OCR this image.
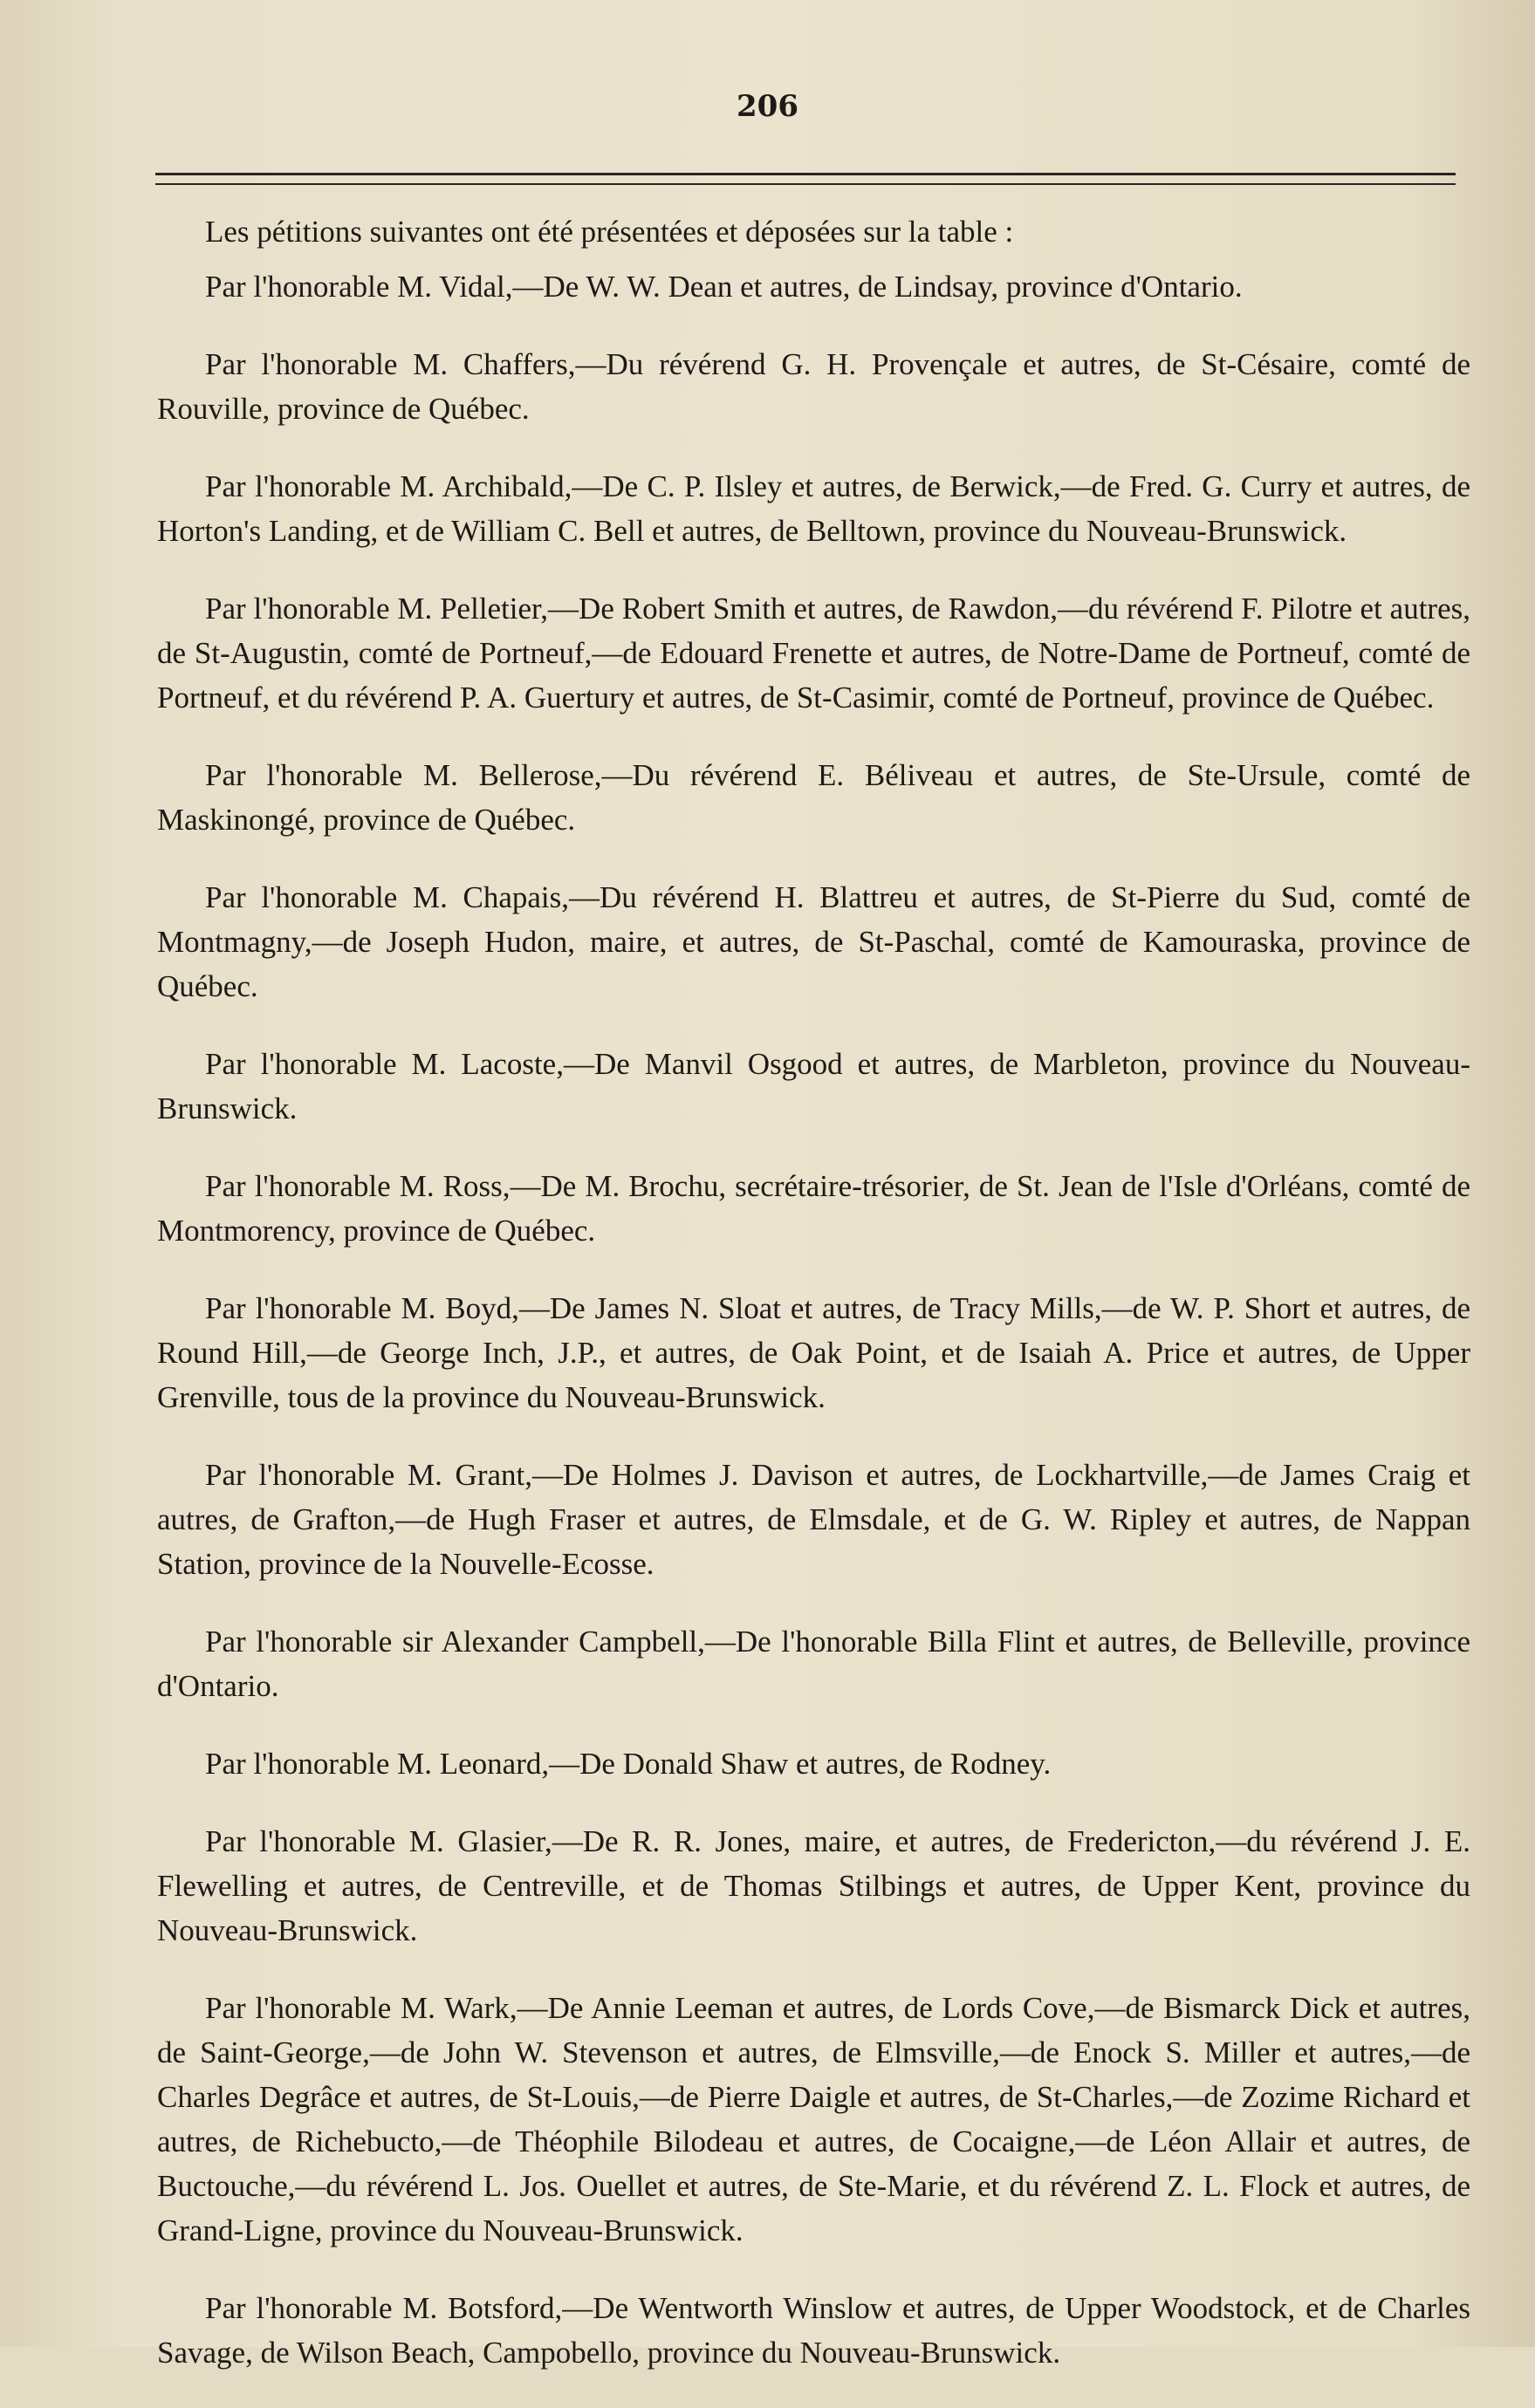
206

Les pétitions suivantes ont été présentées et déposées sur la table :

Par l'honorable M. Vidal,—De W. W. Dean et autres, de Lindsay, province d'Ontario.

Par l'honorable M. Chaffers,—Du révérend G. H. Provençale et autres, de St-Césaire, comté de Rouville, province de Québec.

Par l'honorable M. Archibald,—De C. P. Ilsley et autres, de Berwick,—de Fred. G. Curry et autres, de Horton's Landing, et de William C. Bell et autres, de Belltown, province du Nouveau-Brunswick.

Par l'honorable M. Pelletier,—De Robert Smith et autres, de Rawdon,—du révérend F. Pilotre et autres, de St-Augustin, comté de Portneuf,—de Edouard Frenette et autres, de Notre-Dame de Portneuf, comté de Portneuf, et du révérend P. A. Guertury et autres, de St-Casimir, comté de Portneuf, province de Québec.

Par l'honorable M. Bellerose,—Du révérend E. Béliveau et autres, de Ste-Ursule, comté de Maskinongé, province de Québec.

Par l'honorable M. Chapais,—Du révérend H. Blattreu et autres, de St-Pierre du Sud, comté de Montmagny,—de Joseph Hudon, maire, et autres, de St-Paschal, comté de Kamouraska, province de Québec.

Par l'honorable M. Lacoste,—De Manvil Osgood et autres, de Marbleton, province du Nouveau-Brunswick.

Par l'honorable M. Ross,—De M. Brochu, secrétaire-trésorier, de St. Jean de l'Isle d'Orléans, comté de Montmorency, province de Québec.

Par l'honorable M. Boyd,—De James N. Sloat et autres, de Tracy Mills,—de W. P. Short et autres, de Round Hill,—de George Inch, J.P., et autres, de Oak Point, et de Isaiah A. Price et autres, de Upper Grenville, tous de la province du Nouveau-Brunswick.

Par l'honorable M. Grant,—De Holmes J. Davison et autres, de Lockhartville,—de James Craig et autres, de Grafton,—de Hugh Fraser et autres, de Elmsdale, et de G. W. Ripley et autres, de Nappan Station, province de la Nouvelle-Ecosse.

Par l'honorable sir Alexander Campbell,—De l'honorable Billa Flint et autres, de Belleville, province d'Ontario.

Par l'honorable M. Leonard,—De Donald Shaw et autres, de Rodney.

Par l'honorable M. Glasier,—De R. R. Jones, maire, et autres, de Fredericton,—du révérend J. E. Flewelling et autres, de Centreville, et de Thomas Stilbings et autres, de Upper Kent, province du Nouveau-Brunswick.

Par l'honorable M. Wark,—De Annie Leeman et autres, de Lords Cove,—de Bismarck Dick et autres, de Saint-George,—de John W. Stevenson et autres, de Elmsville,—de Enock S. Miller et autres,—de Charles Degrâce et autres, de St-Louis,—de Pierre Daigle et autres, de St-Charles,—de Zozime Richard et autres, de Richebucto,—de Théophile Bilodeau et autres, de Cocaigne,—de Léon Allair et autres, de Buctouche,—du révérend L. Jos. Ouellet et autres, de Ste-Marie, et du révérend Z. L. Flock et autres, de Grand-Ligne, province du Nouveau-Brunswick.

Par l'honorable M. Botsford,—De Wentworth Winslow et autres, de Upper Woodstock, et de Charles Savage, de Wilson Beach, Campobello, province du Nouveau-Brunswick.
